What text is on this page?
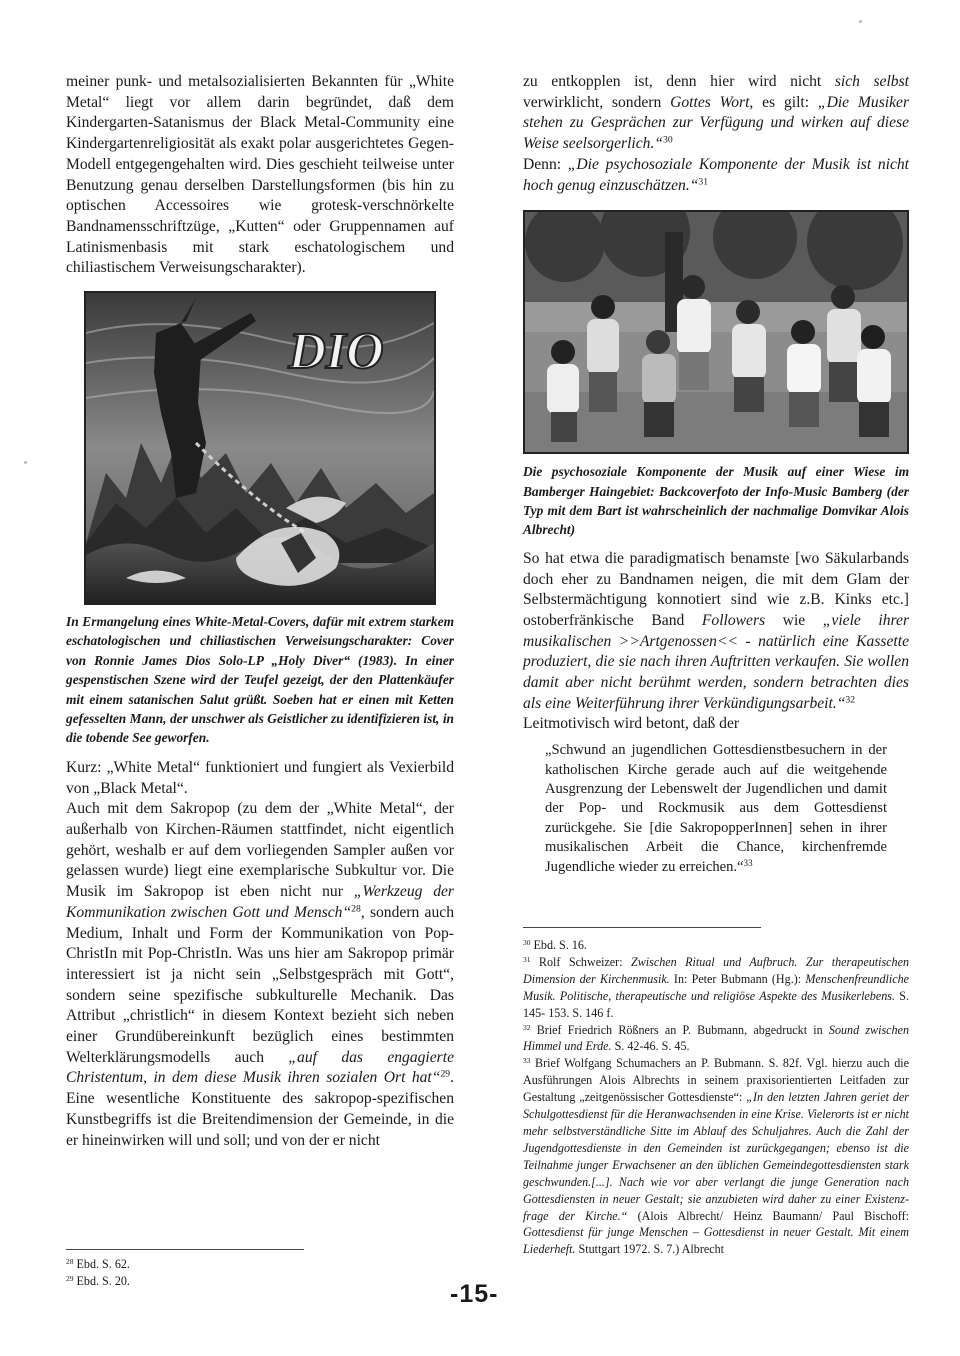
meiner punk- und metalsozialisierten Bekannten für „White Metal“ liegt vor allem darin begründet, daß dem Kindergarten-Satanismus der Black Metal-Community eine Kindergartenreligiosität als exakt polar ausgerichtetes Gegen-Modell entgegengehalten wird. Dies geschieht teilweise unter Benutzung genau derselben Darstellungsformen (bis hin zu optischen Accessoires wie grotesk-verschnörkelte Bandnamensschriftzüge, „Kutten“ oder Gruppennamen auf Latinismenbasis mit stark eschatologischem und chiliastischem Verweisungscharakter).

DIO

In Ermangelung eines White-Metal-Covers, dafür mit extrem starkem eschatologischen und chiliastischen Verweisungscharakter: Cover von Ronnie James Dios Solo-LP „Holy Diver“ (1983). In einer gespenstischen Szene wird der Teufel gezeigt, der den Plattenkäufer mit einem satanischen Salut grüßt. Soeben hat er einen mit Ketten gefesselten Mann, der unschwer als Geistlicher zu identifizieren ist, in die tobende See geworfen.

Kurz: „White Metal“ funktioniert und fungiert als Vexierbild von „Black Metal“.

Auch mit dem Sakropop (zu dem der „White Metal“, der außerhalb von Kirchen-Räumen stattfindet, nicht eigentlich gehört, weshalb er auf dem vorliegenden Sampler außen vor gelassen wurde) liegt eine exemplarische Subkultur vor. Die Musik im Sakropop ist eben nicht nur „Werkzeug der Kommunikation zwischen Gott und Mensch“$^{28}$, sondern auch Medium, Inhalt und Form der Kommunikation von Pop-ChristIn mit Pop-ChristIn. Was uns hier am Sakropop primär interessiert ist ja nicht sein „Selbstgespräch mit Gott“, sondern seine spezifische subkulturelle Mechanik. Das Attribut „christlich“ in diesem Kontext bezieht sich neben einer Grundübereinkunft bezüglich eines bestimmten Welterklärungsmodells auch „auf das engagierte Christentum, in dem diese Musik ihren sozialen Ort hat“$^{29}$. Eine wesentliche Konstituente des sakropop-spezifischen Kunstbegriffs ist die Breitendimension der Gemeinde, in die er hineinwirken will und soll; und von der er nicht

$^{28}$ Ebd. S. 62.

$^{29}$ Ebd. S. 20.

zu entkopplen ist, denn hier wird nicht sich selbst verwirklicht, sondern Gottes Wort, es gilt: „Die Musiker stehen zu Gesprächen zur Verfügung und wirken auf diese Weise seelsorgerlich.“$^{30}$

Denn: „Die psychosoziale Komponente der Musik ist nicht hoch genug einzuschätzen.“$^{31}$

Die psychosoziale Komponente der Musik auf einer Wiese im Bamberger Haingebiet: Backcoverfoto der Info-Music Bamberg (der Typ mit dem Bart ist wahrscheinlich der nachmalige Domvikar Alois Albrecht)

So hat etwa die paradigmatisch benamste [wo Säkularbands doch eher zu Bandnamen neigen, die mit dem Glam der Selbstermächtigung konnotiert sind wie z.B. Kinks etc.] ostoberfränkische Band Followers wie „viele ihrer musikalischen >>Artgenossen<< - natürlich eine Kassette produziert, die sie nach ihren Auftritten verkaufen. Sie wollen damit aber nicht berühmt werden, sondern betrachten dies als eine Weiterführung ihrer Verkündigungsarbeit.“$^{32}$

Leitmotivisch wird betont, daß der

„Schwund an jugendlichen Gottesdienstbesuchern in der katholischen Kirche gerade auch auf die weitgehende Ausgrenzung der Lebenswelt der Jugendlichen und damit der Pop- und Rockmusik aus dem Gottesdienst zurückgehe. Sie [die SakropopperInnen] sehen in ihrer musikalischen Arbeit die Chance, kirchenfremde Jugendliche wieder zu erreichen.“$^{33}$

$^{30}$ Ebd. S. 16.

$^{31}$ Rolf Schweizer: Zwischen Ritual und Aufbruch. Zur therapeutischen Dimension der Kirchenmusik. In: Peter Bubmann (Hg.): Menschenfreundliche Musik. Politische, therapeutische und religiöse Aspekte des Musikerlebens. S. 145- 153. S. 146 f.

$^{32}$ Brief Friedrich Rößners an P. Bubmann, abgedruckt in Sound zwischen Himmel und Erde. S. 42-46. S. 45.

$^{33}$ Brief Wolfgang Schumachers an P. Bubmann. S. 82f. Vgl. hierzu auch die Ausführungen Alois Albrechts in seinem praxisorientierten Leitfaden zur Gestaltung „zeitgenössischer Gottesdienste“: „In den letzten Jahren geriet der Schulgottesdienst für die Heranwachsenden in eine Krise. Vielerorts ist er nicht mehr selbstverständliche Sitte im Ablauf des Schuljahres. Auch die Zahl der Jugendgottesdienste in den Gemeinden ist zurückgegangen; ebenso ist die Teilnahme junger Erwachsener an den üblichen Gemeindegottesdiensten stark geschwunden.[...]. Nach wie vor aber verlangt die junge Generation nach Gottesdiensten in neuer Gestalt; sie anzubieten wird daher zu einer Existenzfrage der Kirche.“ (Alois Albrecht/ Heinz Baumann/ Paul Bischoff: Gottesdienst für junge Menschen – Gottesdienst in neuer Gestalt. Mit einem Liederheft. Stuttgart 1972. S. 7.) Albrecht

-15-
